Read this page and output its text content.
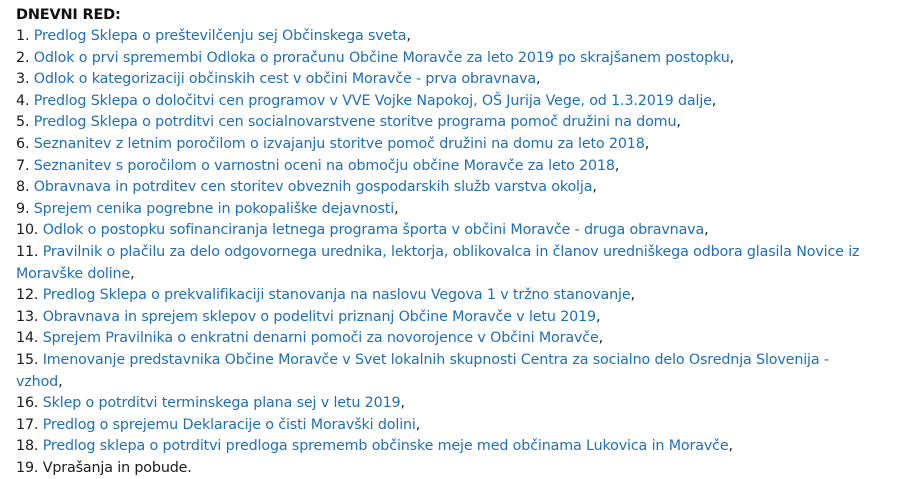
DNEVNI RED:
1. Predlog Sklepa o preštevilčenju sej Občinskega sveta,
2. Odlok o prvi spremembi Odloka o proračunu Občine Moravče za leto 2019 po skrajšanem postopku,
3. Odlok o kategorizaciji občinskih cest v občini Moravče - prva obravnava,
4. Predlog Sklepa o določitvi cen programov v VVE Vojke Napokoj, OŠ Jurija Vege, od 1.3.2019 dalje,
5. Predlog Sklepa o potrditvi cen socialnovarstvene storitve programa pomoč družini na domu,
6. Seznanitev z letnim poročilom o izvajanju storitve pomoč družini na domu za leto 2018,
7. Seznanitev s poročilom o varnostni oceni na območju občine Moravče za leto 2018,
8. Obravnava in potrditev cen storitev obveznih gospodarskih služb varstva okolja,
9. Sprejem cenika pogrebne in pokopališke dejavnosti,
10. Odlok o postopku sofinanciranja letnega programa športa v občini Moravče - druga obravnava,
11. Pravilnik o plačilu za delo odgovornega urednika, lektorja, oblikovalca in članov uredniškega odbora glasila Novice iz Moravške doline,
12. Predlog Sklepa o prekvalifikaciji stanovanja na naslovu Vegova 1 v tržno stanovanje,
13. Obravnava in sprejem sklepov o podelitvi priznanj Občine Moravče v letu 2019,
14. Sprejem Pravilnika o enkratni denarni pomoči za novorojence v Občini Moravče,
15. Imenovanje predstavnika Občine Moravče v Svet lokalnih skupnosti Centra za socialno delo Osrednja Slovenija - vzhod,
16. Sklep o potrditvi terminskega plana sej v letu 2019,
17. Predlog o sprejemu Deklaracije o čisti Moravški dolini,
18. Predlog sklepa o potrditvi predloga sprememb občinske meje med občinama Lukovica in Moravče,
19. Vprašanja in pobude.
